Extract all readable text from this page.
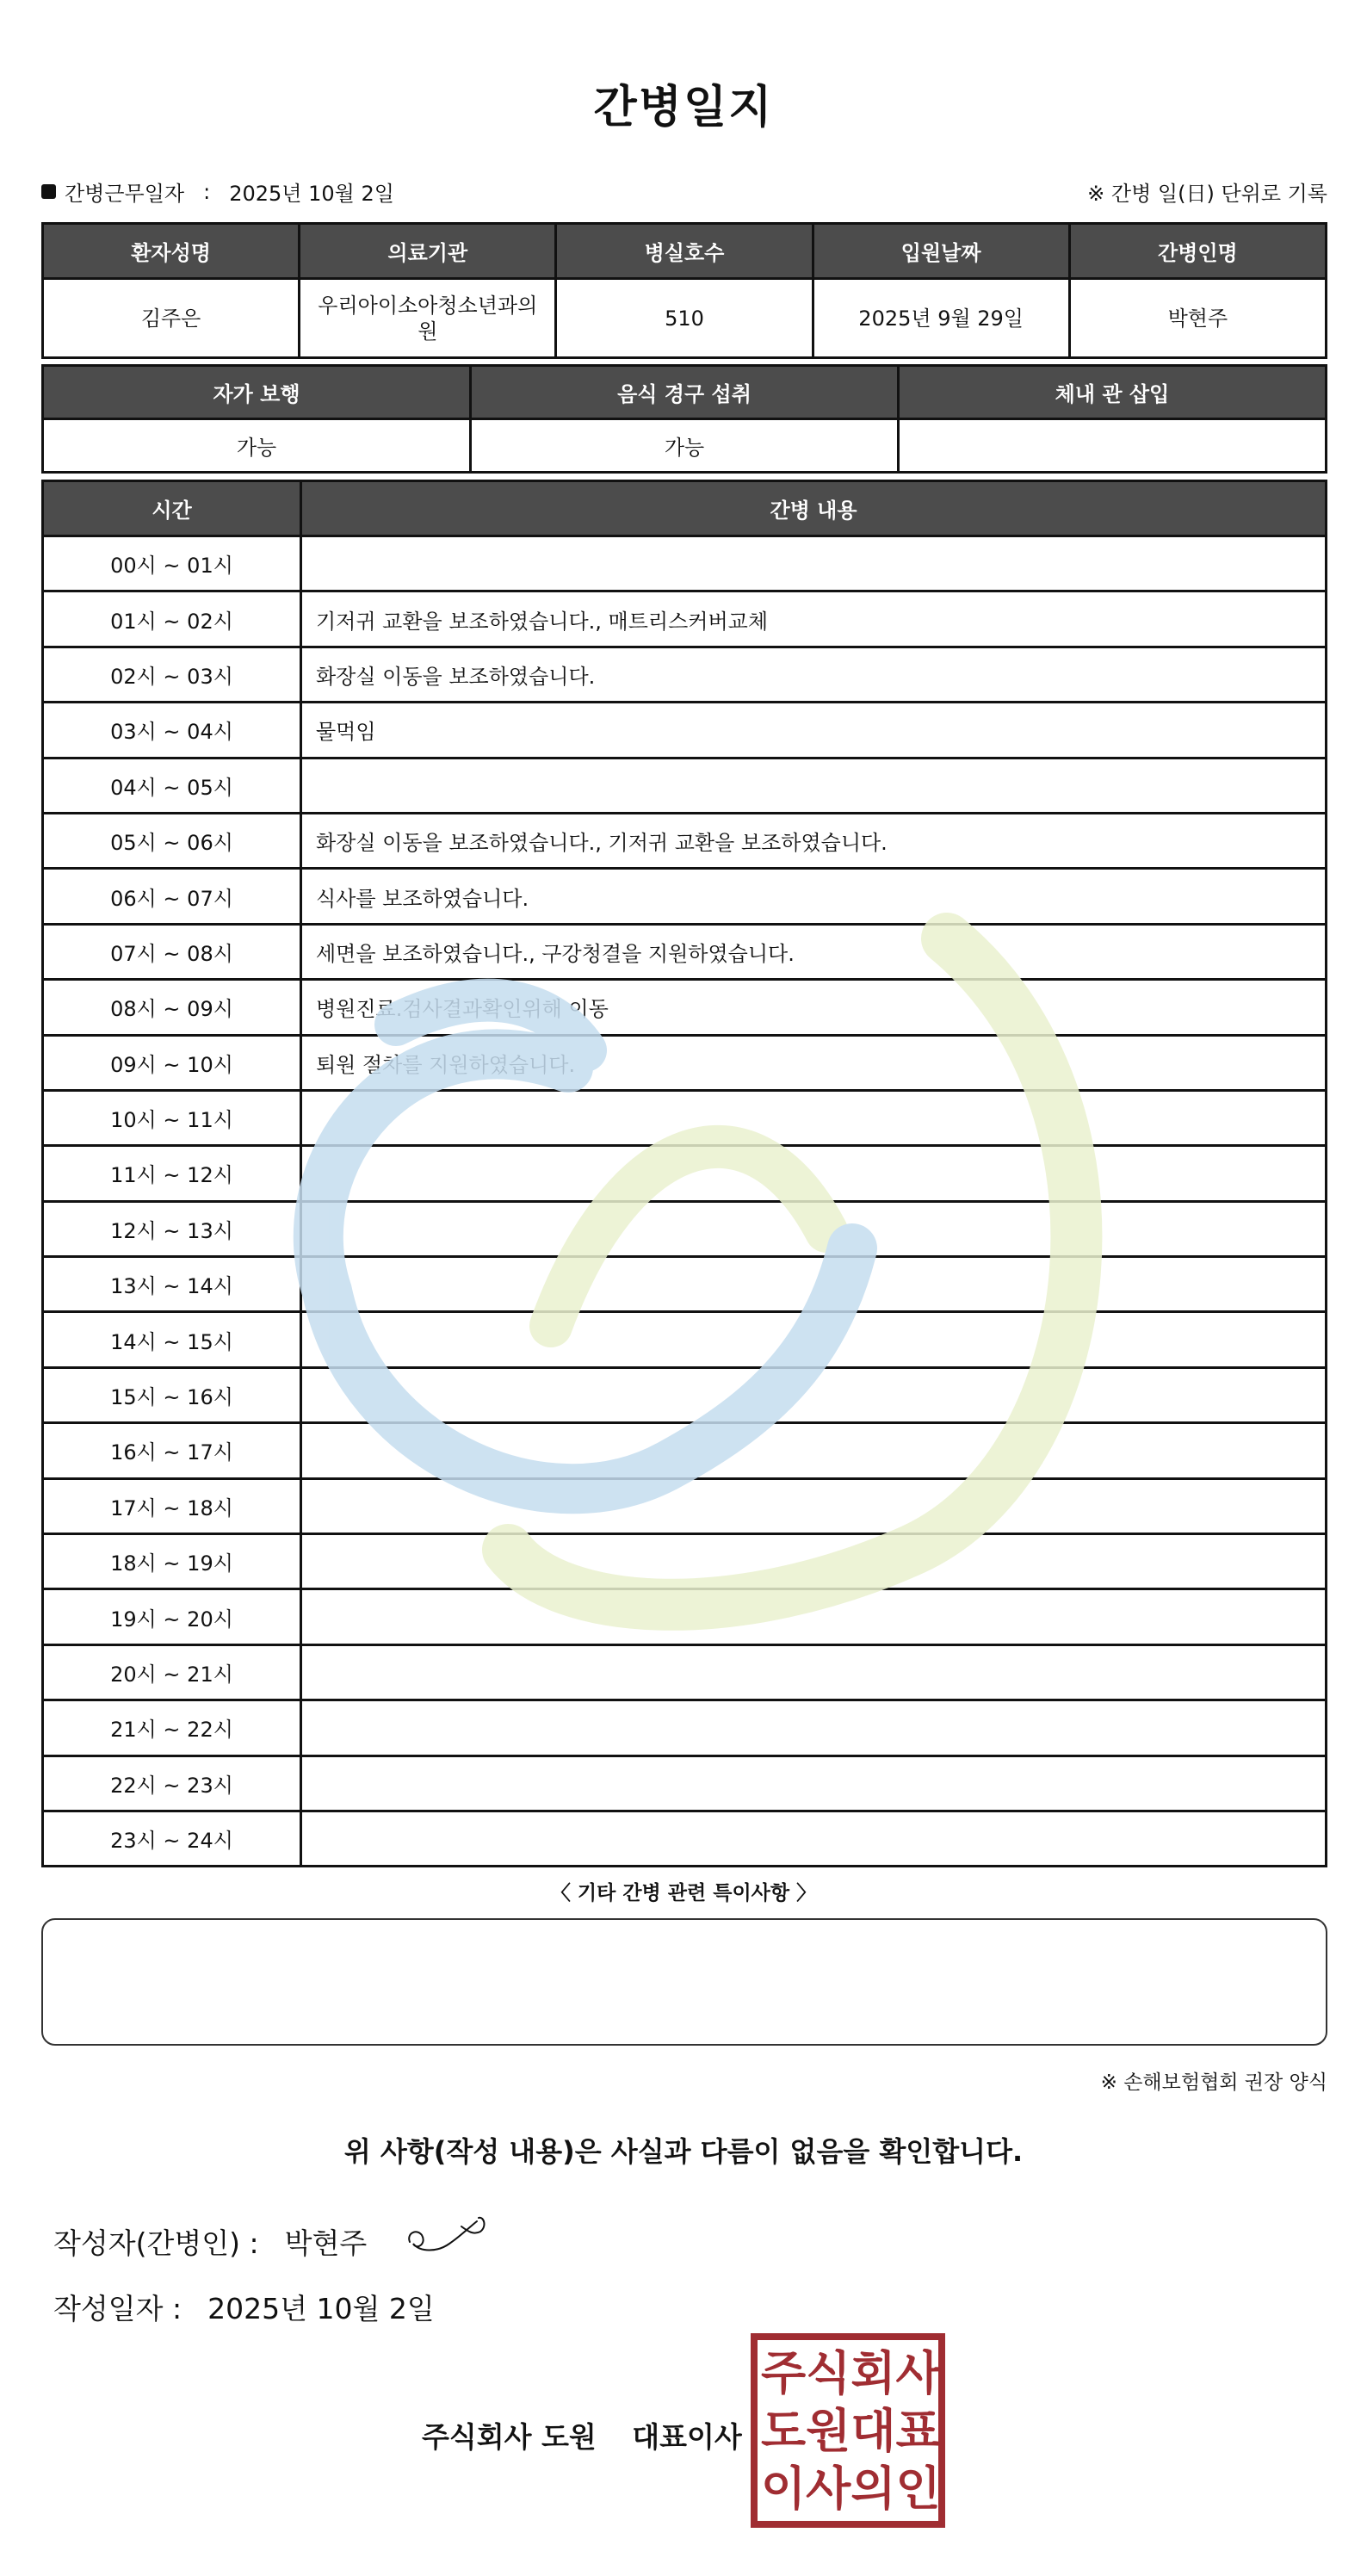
간병일지
간병근무일자 : 2025년 10월 2일	※ 간병 일(日) 단위로 기록
환자성명	의료기관	병실호수	입원날짜	간병인명
김주은	우리아이소아청소년과의원	510	2025년 9월 29일	박현주
자가 보행	음식 경구 섭취	체내 관 삽입
가능	가능	
시간	간병 내용
00시 ~ 01시	
01시 ~ 02시	기저귀 교환을 보조하였습니다., 매트리스커버교체
02시 ~ 03시	화장실 이동을 보조하였습니다.
03시 ~ 04시	물먹임
04시 ~ 05시	
05시 ~ 06시	화장실 이동을 보조하였습니다., 기저귀 교환을 보조하였습니다.
06시 ~ 07시	식사를 보조하였습니다.
07시 ~ 08시	세면을 보조하였습니다., 구강청결을 지원하였습니다.
08시 ~ 09시	병원진료.검사결과확인위해 이동
09시 ~ 10시	퇴원 절차를 지원하였습니다.
10시 ~ 11시	
11시 ~ 12시	
12시 ~ 13시	
13시 ~ 14시	
14시 ~ 15시	
15시 ~ 16시	
16시 ~ 17시	
17시 ~ 18시	
18시 ~ 19시	
19시 ~ 20시	
20시 ~ 21시	
21시 ~ 22시	
22시 ~ 23시	
23시 ~ 24시	
〈 기타 간병 관련 특이사항 〉
※ 손해보험협회 권장 양식
위 사항(작성 내용)은 사실과 다름이 없음을 확인합니다.
작성자(간병인) : 박현주
작성일자 : 2025년 10월 2일
주식회사 도원 대표이사
주 식 회 사
도 원 대 표
이 사 의 인
